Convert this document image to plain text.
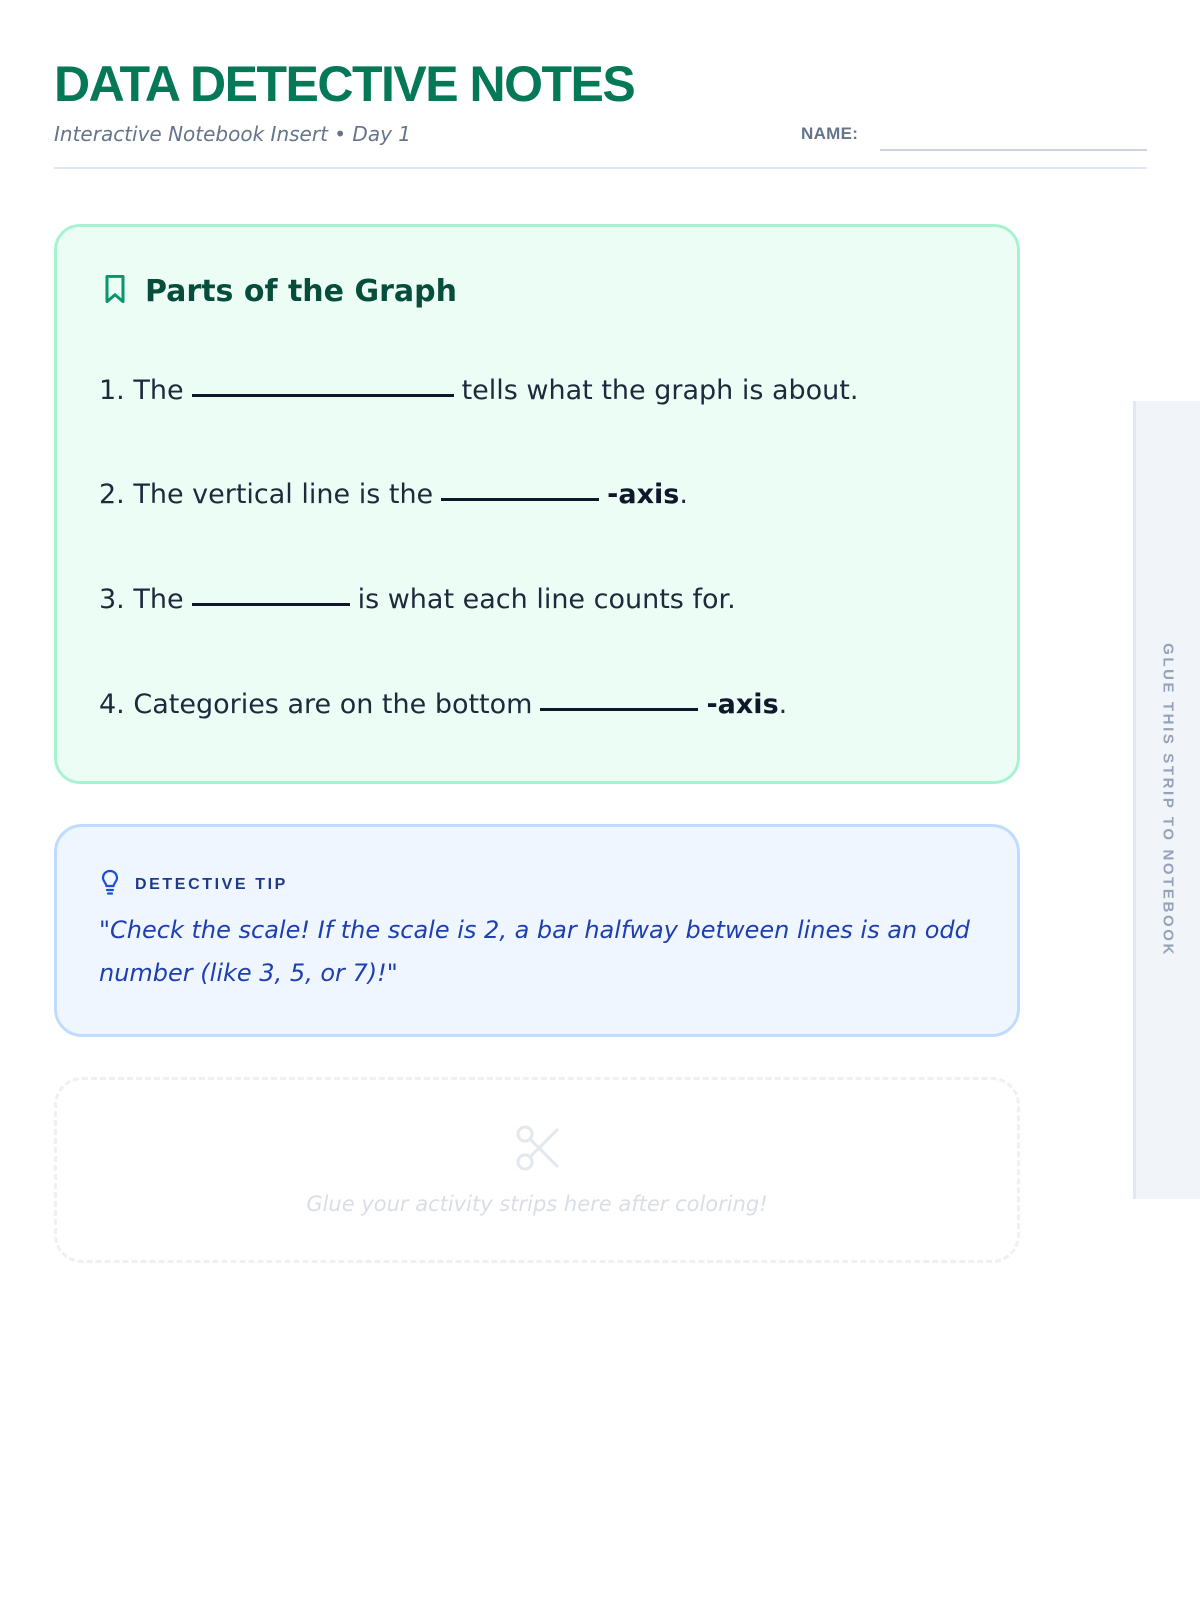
DATA DETECTIVE NOTES
Interactive Notebook Insert • Day 1	NAME:
Parts of the Graph
1. The	tells what the graph is about.
2. The vertical line is the	-axis .
3. The	is what each line counts for.
4. Categories are on the bottom	-axis .
DETECTIVE TIP
"Check the scale! If the scale is 2, a bar halfway between lines is an odd number (like 3, 5, or 7)!"
Glue your activity strips here after coloring!
GLUE THIS STRIP TO NOTEBOOK
